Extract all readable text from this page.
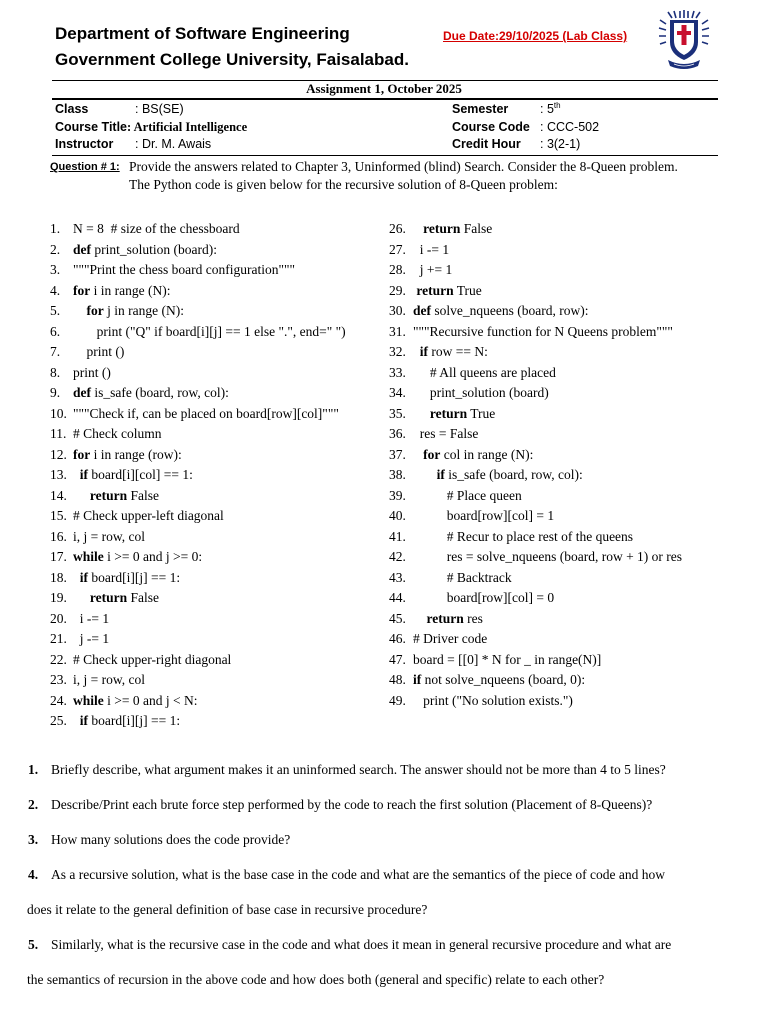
Department of Software Engineering
Government College University, Faisalabad.
Due Date:29/10/2025 (Lab Class)
Assignment 1, October 2025
Class	: BS(SE)
Course Title: Artificial Intelligence
Instructor : Dr. M. Awais
Semester	: 5th
Course Code : CCC-502
Credit Hour : 3(2-1)
Question # 1: Provide the answers related to Chapter 3, Uninformed (blind) Search. Consider the 8-Queen problem. The Python code is given below for the recursive solution of 8-Queen problem:
1. N = 8  # size of the chessboard
2. def print_solution (board):
3. """Print the chess board configuration"""
4. for i in range (N):
5. for j in range (N):
6.       print ("Q" if board[i][j] == 1 else ".", end=" ")
7.    print ()
8. print ()
9. def is_safe (board, row, col):
10. """Check if, can be placed on board[row][col]"""
11. # Check column
12. for i in range (row):
13. if board[i][col] == 1:
14. return False
15. # Check upper-left diagonal
16. i, j = row, col
17. while i >= 0 and j >= 0:
18. if board[i][j] == 1:
19. return False
20.  i -= 1
21.  j -= 1
22. # Check upper-right diagonal
23. i, j = row, col
24. while i >= 0 and j < N:
25. if board[i][j] == 1:
26. return False
27.  i -= 1
28.  j += 1
29. return True
30. def solve_nqueens (board, row):
31. """Recursive function for N Queens problem"""
32. if row == N:
33.     # All queens are placed
34.     print_solution (board)
35. return True
36.  res = False
37. for col in range (N):
38. if is_safe (board, row, col):
39.          # Place queen
40.          board[row][col] = 1
41.          # Recur to place rest of the queens
42.          res = solve_nqueens (board, row + 1) or res
43.          # Backtrack
44.          board[row][col] = 0
45. return res
46. # Driver code
47. board = [[0] * N for _ in range(N)]
48. if not solve_nqueens (board, 0):
49.   print ("No solution exists.")
1. Briefly describe, what argument makes it an uninformed search. The answer should not be more than 4 to 5 lines?
2. Describe/Print each brute force step performed by the code to reach the first solution (Placement of 8-Queens)?
3. How many solutions does the code provide?
4. As a recursive solution, what is the base case in the code and what are the semantics of the piece of code and how
does it relate to the general definition of base case in recursive procedure?
5. Similarly, what is the recursive case in the code and what does it mean in general recursive procedure and what are
the semantics of recursion in the above code and how does both (general and specific) relate to each other?
